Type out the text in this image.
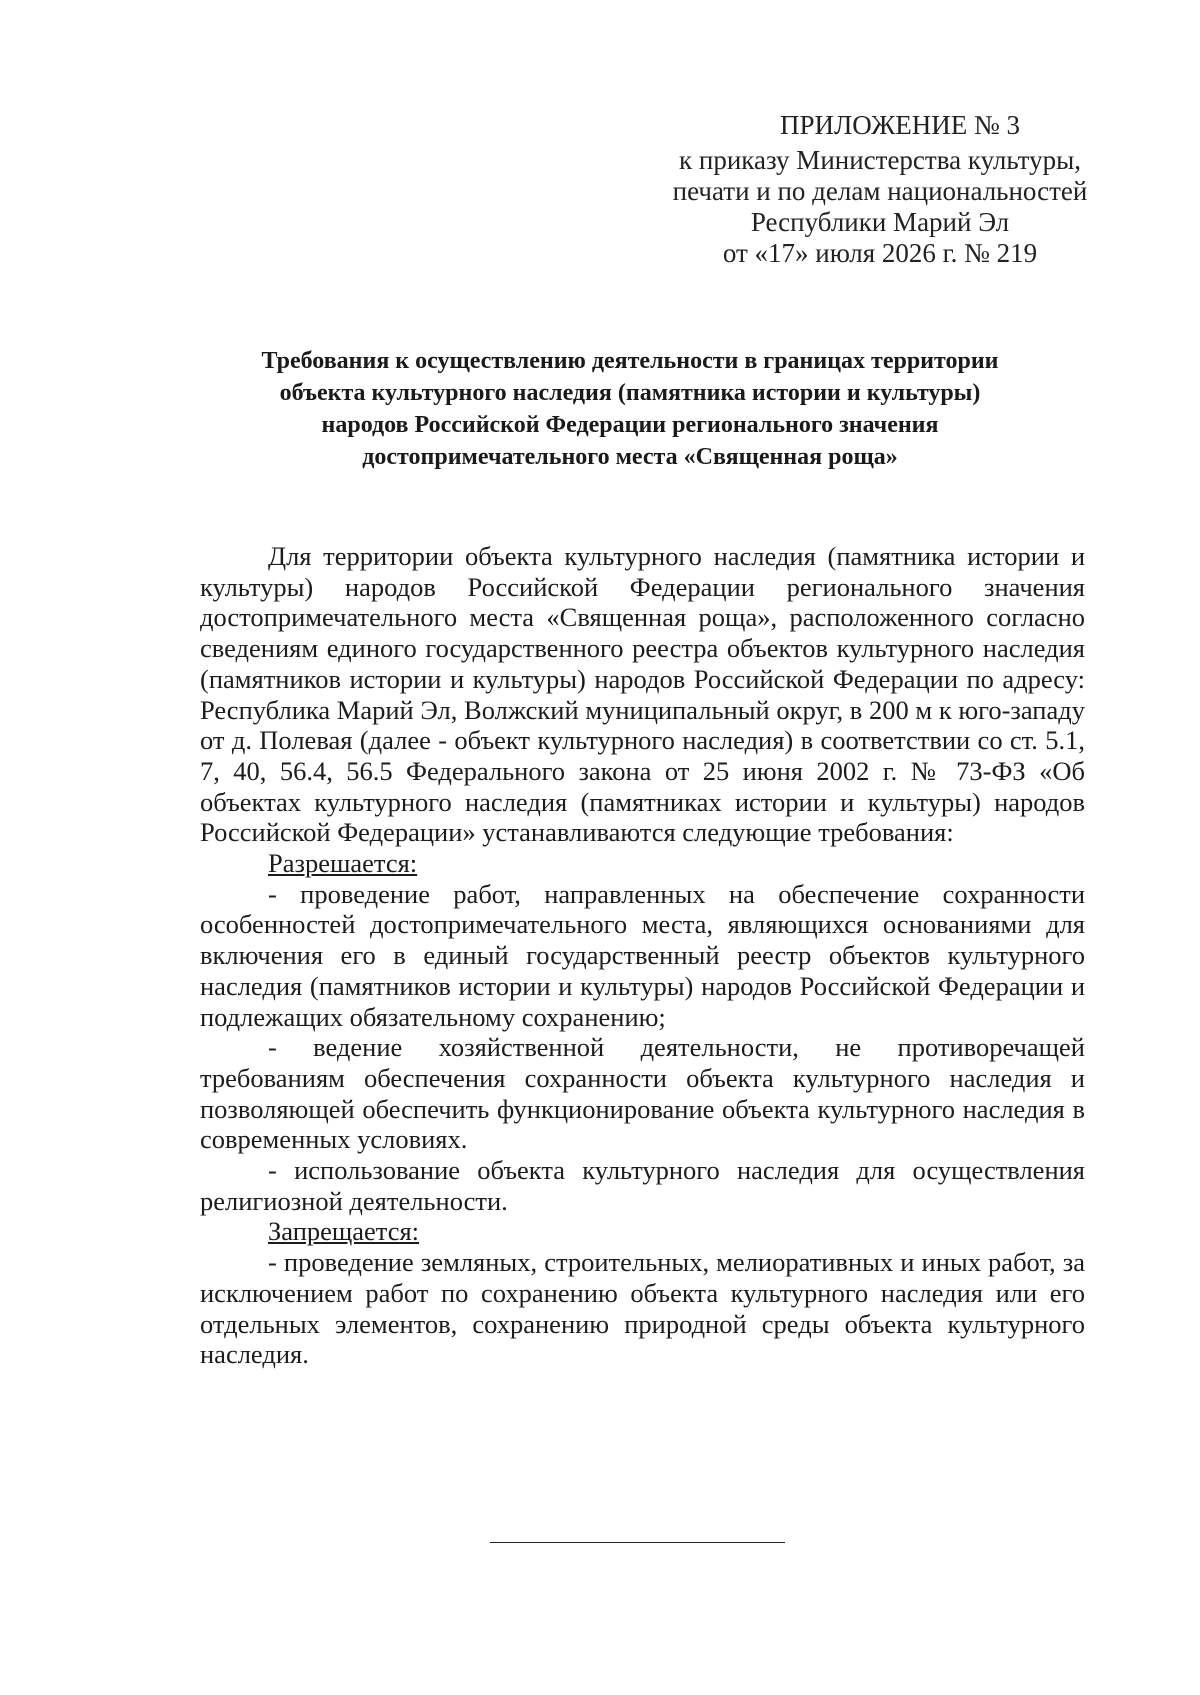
ПРИЛОЖЕНИЕ № 3
к приказу Министерства культуры,
печати и по делам национальностей
Республики Марий Эл
от «17» июля 2026 г. № 219
Требования к осуществлению деятельности в границах территории
объекта культурного наследия (памятника истории и культуры)
народов Российской Федерации регионального значения
достопримечательного места «Священная роща»

Для территории объекта культурного наследия (памятника истории и культуры) народов Российской Федерации регионального значения достопримечательного места «Священная роща», расположенного согласно сведениям единого государственного реестра объектов культурного наследия (памятников истории и культуры) народов Российской Федерации по адресу: Республика Марий Эл, Волжский муниципальный округ, в 200 м к юго-западу от д. Полевая (далее - объект культурного наследия) в соответствии со ст. 5.1, 7, 40, 56.4, 56.5 Федерального закона от 25 июня 2002 г. № 73-ФЗ «Об объектах культурного наследия (памятниках истории и культуры) народов Российской Федерации» устанавливаются следующие требования:

Разрешается:

- проведение работ, направленных на обеспечение сохранности особенностей достопримечательного места, являющихся основаниями для включения его в единый государственный реестр объектов культурного наследия (памятников истории и культуры) народов Российской Федерации и подлежащих обязательному сохранению;

- ведение хозяйственной деятельности, не противоречащей требованиям обеспечения сохранности объекта культурного наследия и позволяющей обеспечить функционирование объекта культурного наследия в современных условиях.

- использование объекта культурного наследия для осуществления религиозной деятельности.

Запрещается:

- проведение земляных, строительных, мелиоративных и иных работ, за исключением работ по сохранению объекта культурного наследия или его отдельных элементов, сохранению природной среды объекта культурного наследия.
